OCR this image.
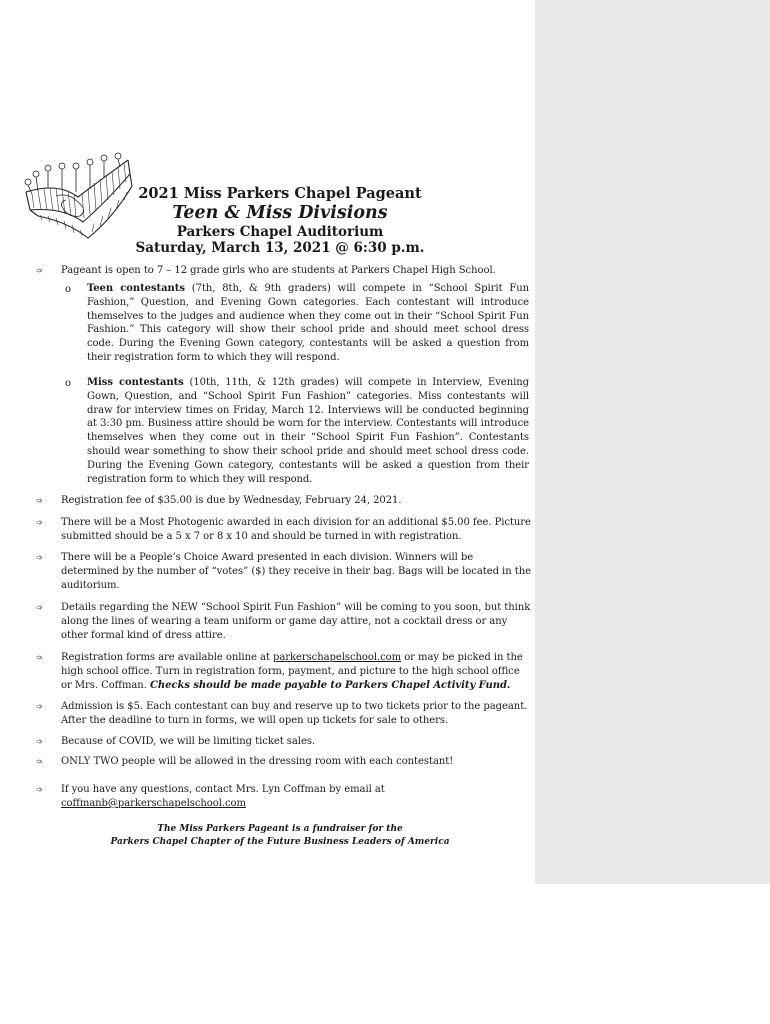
2021 Miss Parkers Chapel Pageant
Teen & Miss Divisions
Parkers Chapel Auditorium
Saturday, March 13, 2021 @ 6:30 p.m.
➩ Pageant is open to 7 – 12 grade girls who are students at Parkers Chapel High School.
o Teen contestants (7th, 8th, & 9th graders) will compete in “School Spirit Fun Fashion,” Question, and Evening Gown categories. Each contestant will introduce themselves to the judges and audience when they come out in their “School Spirit Fun Fashion.” This category will show their school pride and should meet school dress code. During the Evening Gown category, contestants will be asked a question from their registration form to which they will respond.
o Miss contestants (10th, 11th, & 12th grades) will compete in Interview, Evening Gown, Question, and “School Spirit Fun Fashion” categories. Miss contestants will draw for interview times on Friday, March 12. Interviews will be conducted beginning at 3:30 pm. Business attire should be worn for the interview. Contestants will introduce themselves when they come out in their “School Spirit Fun Fashion”. Contestants should wear something to show their school pride and should meet school dress code. During the Evening Gown category, contestants will be asked a question from their registration form to which they will respond.
➩ Registration fee of $35.00 is due by Wednesday, February 24, 2021.
➩ There will be a Most Photogenic awarded in each division for an additional $5.00 fee. Picture submitted should be a 5 x 7 or 8 x 10 and should be turned in with registration.
➩ There will be a People’s Choice Award presented in each division. Winners will be determined by the number of “votes” ($) they receive in their bag. Bags will be located in the auditorium.
➩ Details regarding the NEW “School Spirit Fun Fashion” will be coming to you soon, but think along the lines of wearing a team uniform or game day attire, not a cocktail dress or any other formal kind of dress attire.
➩ Registration forms are available online at parkerschapelschool.com or may be picked in the high school office. Turn in registration form, payment, and picture to the high school office or Mrs. Coffman. Checks should be made payable to Parkers Chapel Activity Fund.
➩ Admission is $5. Each contestant can buy and reserve up to two tickets prior to the pageant. After the deadline to turn in forms, we will open up tickets for sale to others.
➩ Because of COVID, we will be limiting ticket sales.
➩ ONLY TWO people will be allowed in the dressing room with each contestant!
➩ If you have any questions, contact Mrs. Lyn Coffman by email at
coffmanb@parkerschapelschool.com
The Miss Parkers Pageant is a fundraiser for the
Parkers Chapel Chapter of the Future Business Leaders of America
